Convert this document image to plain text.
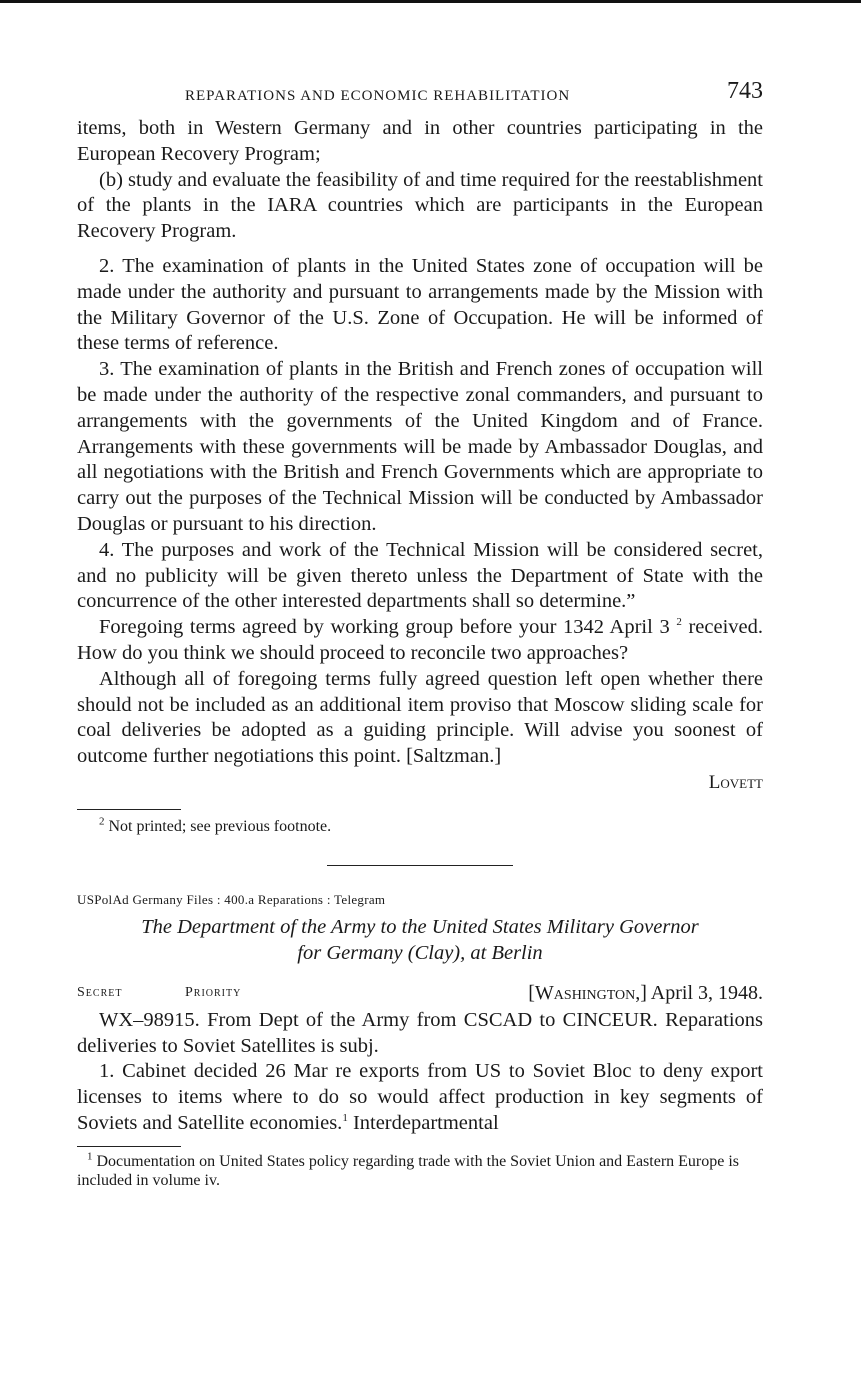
REPARATIONS AND ECONOMIC REHABILITATION	743

items, both in Western Germany and in other countries participating in the European Recovery Program;

(b) study and evaluate the feasibility of and time required for the reestablishment of the plants in the IARA countries which are participants in the European Recovery Program.

2. The examination of plants in the United States zone of occupation will be made under the authority and pursuant to arrangements made by the Mission with the Military Governor of the U.S. Zone of Occupation. He will be informed of these terms of reference.

3. The examination of plants in the British and French zones of occupation will be made under the authority of the respective zonal commanders, and pursuant to arrangements with the governments of the United Kingdom and of France. Arrangements with these governments will be made by Ambassador Douglas, and all negotiations with the British and French Governments which are appropriate to carry out the purposes of the Technical Mission will be conducted by Ambassador Douglas or pursuant to his direction.

4. The purposes and work of the Technical Mission will be considered secret, and no publicity will be given thereto unless the Department of State with the concurrence of the other interested departments shall so determine.”

Foregoing terms agreed by working group before your 1342 April 3 $^2$ received. How do you think we should proceed to reconcile two approaches?

Although all of foregoing terms fully agreed question left open whether there should not be included as an additional item proviso that Moscow sliding scale for coal deliveries be adopted as a guiding principle. Will advise you soonest of outcome further negotiations this point. [Saltzman.]

Lovett

$^2$ Not printed; see previous footnote.

USPolAd Germany Files : 400.a Reparations : Telegram
The Department of the Army to the United States Military Governor
for Germany (Clay), at Berlin
Secret	Priority	[Washington,] April 3, 1948.

WX–98915. From Dept of the Army from CSCAD to CINCEUR. Reparations deliveries to Soviet Satellites is subj.

1. Cabinet decided 26 Mar re exports from US to Soviet Bloc to deny export licenses to items where to do so would affect production in key segments of Soviets and Satellite economies.$^1$ Interdepartmental

$^1$ Documentation on United States policy regarding trade with the Soviet Union and Eastern Europe is included in volume iv.
